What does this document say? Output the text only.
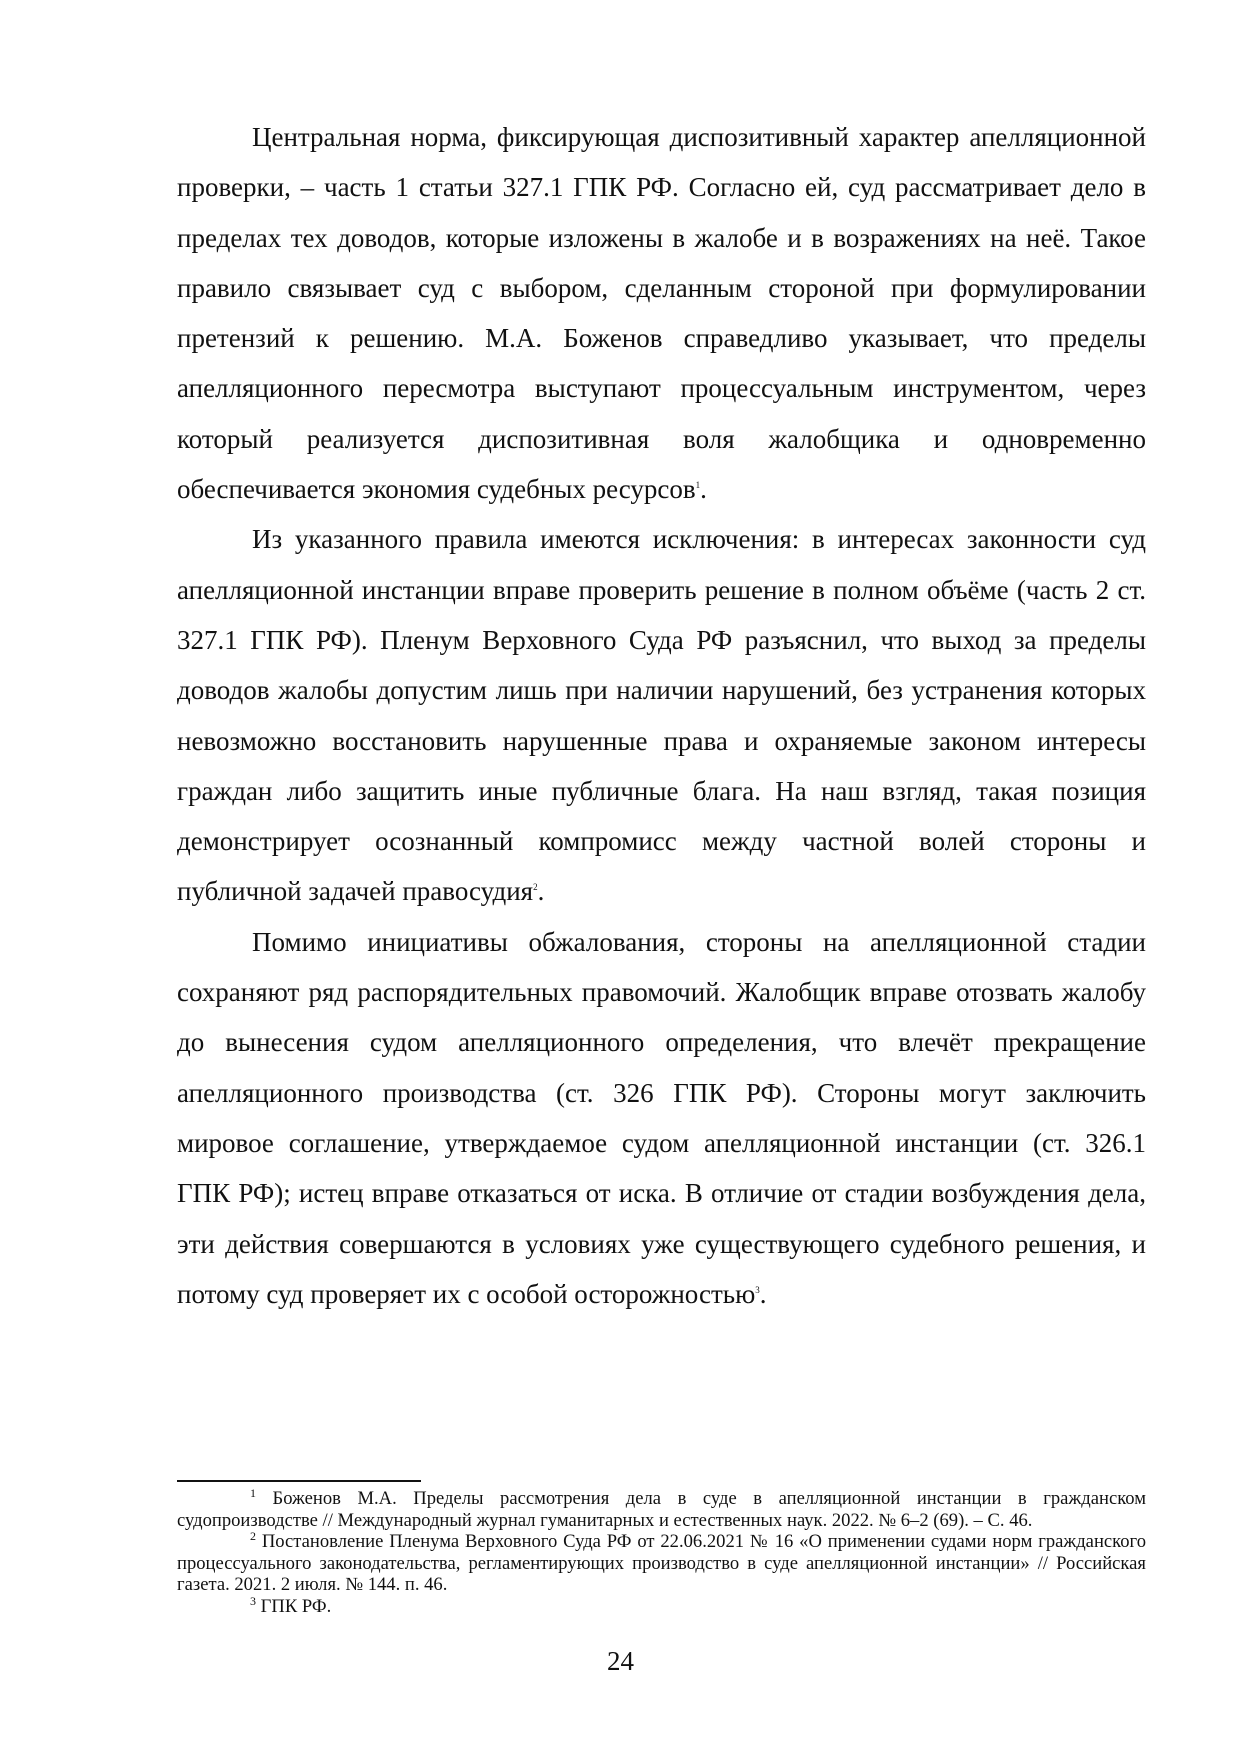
Центральная норма, фиксирующая диспозитивный характер апелляционной проверки, – часть 1 статьи 327.1 ГПК РФ. Согласно ей, суд рассматривает дело в пределах тех доводов, которые изложены в жалобе и в возражениях на неё. Такое правило связывает суд с выбором, сделанным стороной при формулировании претензий к решению. М.А. Боженов справедливо указывает, что пределы апелляционного пересмотра выступают процессуальным инструментом, через который реализуется диспозитивная воля жалобщика и одновременно обеспечивается экономия судебных ресурсов$^1$.

Из указанного правила имеются исключения: в интересах законности суд апелляционной инстанции вправе проверить решение в полном объёме (часть 2 ст. 327.1 ГПК РФ). Пленум Верховного Суда РФ разъяснил, что выход за пределы доводов жалобы допустим лишь при наличии нарушений, без устранения которых невозможно восстановить нарушенные права и охраняемые законом интересы граждан либо защитить иные публичные блага. На наш взгляд, такая позиция демонстрирует осознанный компромисс между частной волей стороны и публичной задачей правосудия$^2$.

Помимо инициативы обжалования, стороны на апелляционной стадии сохраняют ряд распорядительных правомочий. Жалобщик вправе отозвать жалобу до вынесения судом апелляционного определения, что влечёт прекращение апелляционного производства (ст. 326 ГПК РФ). Стороны могут заключить мировое соглашение, утверждаемое судом апелляционной инстанции (ст. 326.1 ГПК РФ); истец вправе отказаться от иска. В отличие от стадии возбуждения дела, эти действия совершаются в условиях уже существующего судебного решения, и потому суд проверяет их с особой осторожностью$^3$.

$^1$ Боженов М.А. Пределы рассмотрения дела в суде в апелляционной инстанции в гражданском судопроизводстве // Международный журнал гуманитарных и естественных наук. 2022. № 6–2 (69). – С. 46.

$^2$ Постановление Пленума Верховного Суда РФ от 22.06.2021 № 16 «О применении судами норм гражданского процессуального законодательства, регламентирующих производство в суде апелляционной инстанции» // Российская газета. 2021. 2 июля. № 144. п. 46.

$^3$ ГПК РФ.

24
